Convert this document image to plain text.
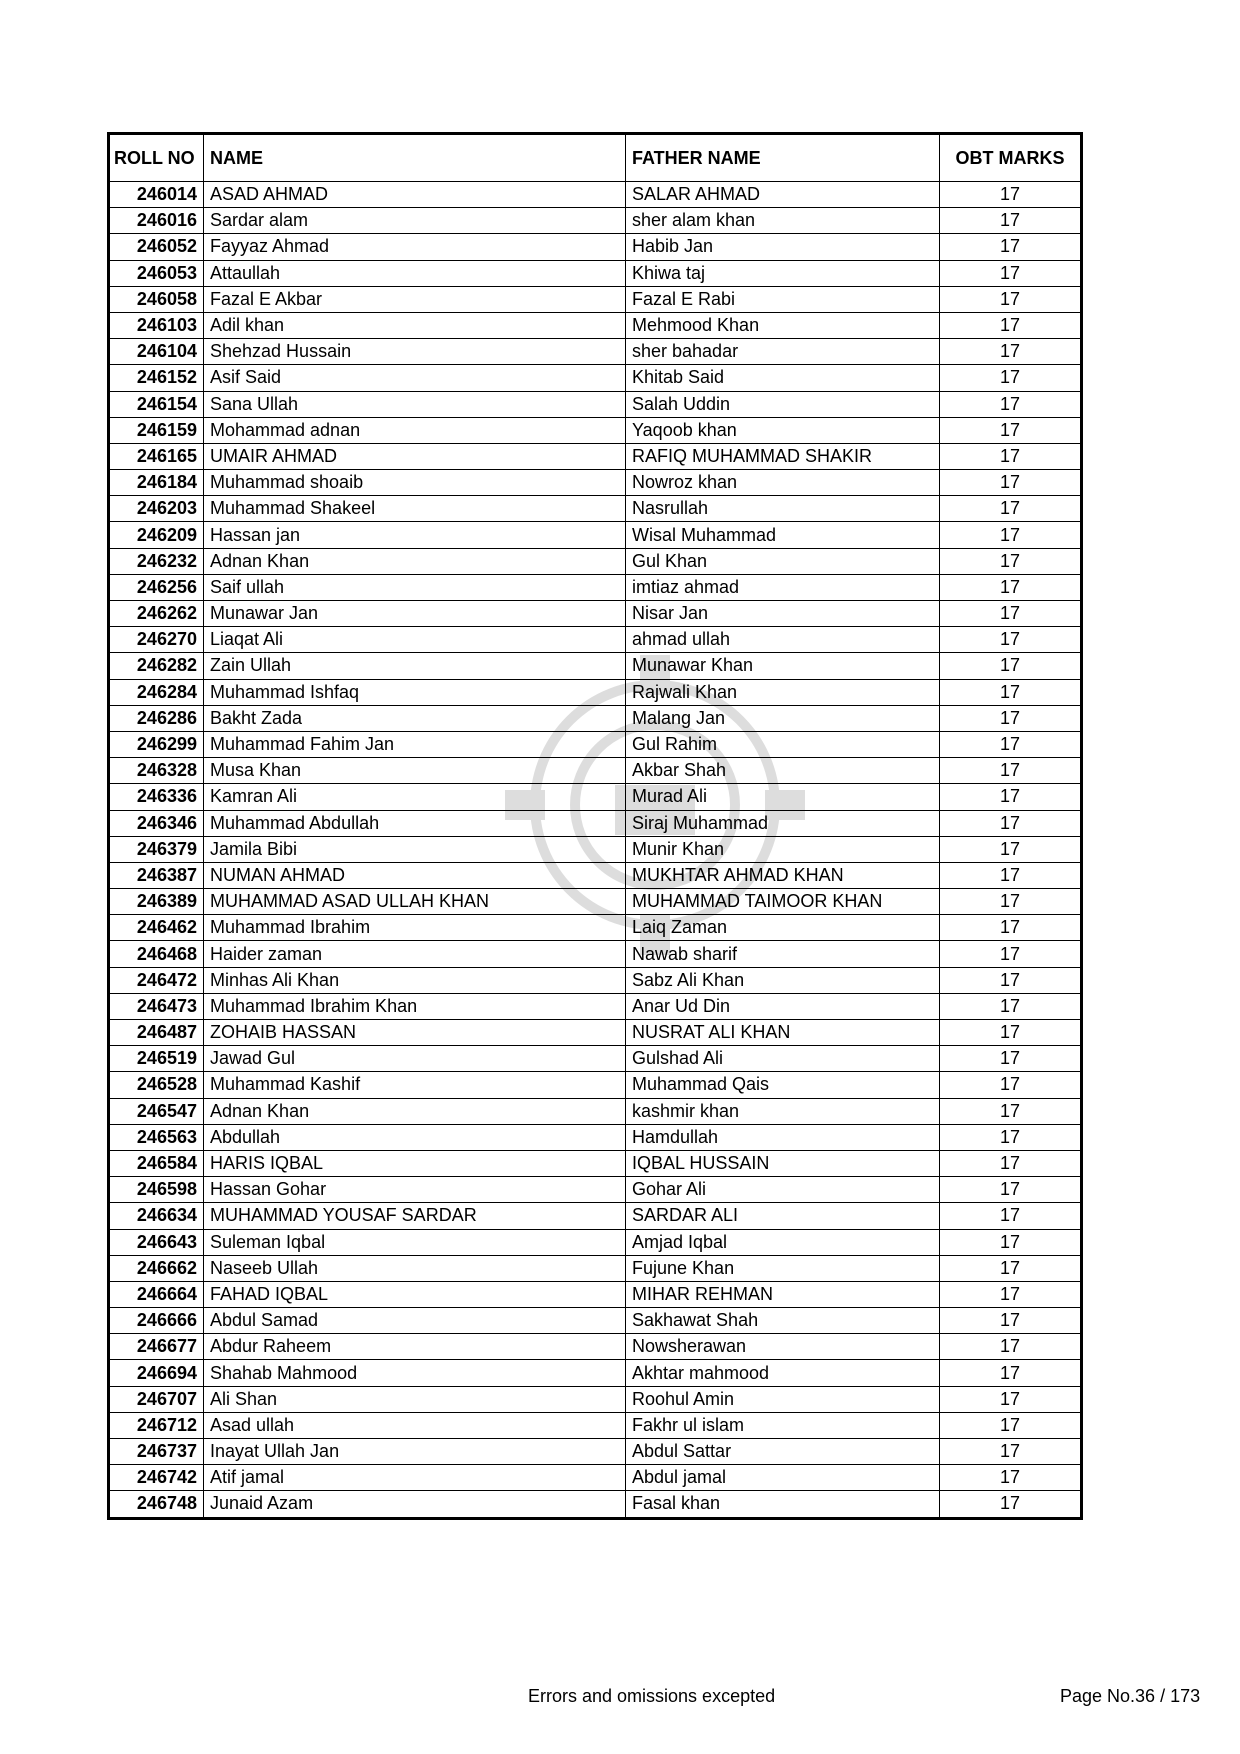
ROLL NO	NAME	FATHER NAME	OBT MARKS
246014	ASAD AHMAD	SALAR AHMAD	17
246016	Sardar alam	sher alam khan	17
246052	Fayyaz Ahmad	Habib Jan	17
246053	Attaullah	Khiwa taj	17
246058	Fazal E Akbar	Fazal E Rabi	17
246103	Adil khan	Mehmood Khan	17
246104	Shehzad Hussain	sher bahadar	17
246152	Asif Said	Khitab Said	17
246154	Sana Ullah	Salah Uddin	17
246159	Mohammad adnan	Yaqoob khan	17
246165	UMAIR AHMAD	RAFIQ MUHAMMAD SHAKIR	17
246184	Muhammad shoaib	Nowroz khan	17
246203	Muhammad Shakeel	Nasrullah	17
246209	Hassan jan	Wisal Muhammad	17
246232	Adnan Khan	Gul Khan	17
246256	Saif ullah	imtiaz ahmad	17
246262	Munawar Jan	Nisar Jan	17
246270	Liaqat Ali	ahmad ullah	17
246282	Zain Ullah	Munawar Khan	17
246284	Muhammad Ishfaq	Rajwali Khan	17
246286	Bakht Zada	Malang Jan	17
246299	Muhammad Fahim Jan	Gul Rahim	17
246328	Musa Khan	Akbar Shah	17
246336	Kamran Ali	Murad Ali	17
246346	Muhammad Abdullah	Siraj Muhammad	17
246379	Jamila Bibi	Munir Khan	17
246387	NUMAN AHMAD	MUKHTAR AHMAD KHAN	17
246389	MUHAMMAD ASAD ULLAH KHAN	MUHAMMAD TAIMOOR KHAN	17
246462	Muhammad Ibrahim	Laiq Zaman	17
246468	Haider zaman	Nawab sharif	17
246472	Minhas Ali Khan	Sabz Ali Khan	17
246473	Muhammad Ibrahim Khan	Anar Ud Din	17
246487	ZOHAIB HASSAN	NUSRAT ALI KHAN	17
246519	Jawad Gul	Gulshad Ali	17
246528	Muhammad Kashif	Muhammad Qais	17
246547	Adnan Khan	kashmir khan	17
246563	Abdullah	Hamdullah	17
246584	HARIS IQBAL	IQBAL HUSSAIN	17
246598	Hassan Gohar	Gohar Ali	17
246634	MUHAMMAD YOUSAF SARDAR	SARDAR ALI	17
246643	Suleman Iqbal	Amjad Iqbal	17
246662	Naseeb Ullah	Fujune Khan	17
246664	FAHAD IQBAL	MIHAR REHMAN	17
246666	Abdul Samad	Sakhawat Shah	17
246677	Abdur Raheem	Nowsherawan	17
246694	Shahab Mahmood	Akhtar mahmood	17
246707	Ali Shan	Roohul Amin	17
246712	Asad ullah	Fakhr ul islam	17
246737	Inayat Ullah Jan	Abdul Sattar	17
246742	Atif jamal	Abdul jamal	17
246748	Junaid Azam	Fasal khan	17
Errors and omissions excepted	Page No.36 / 173
